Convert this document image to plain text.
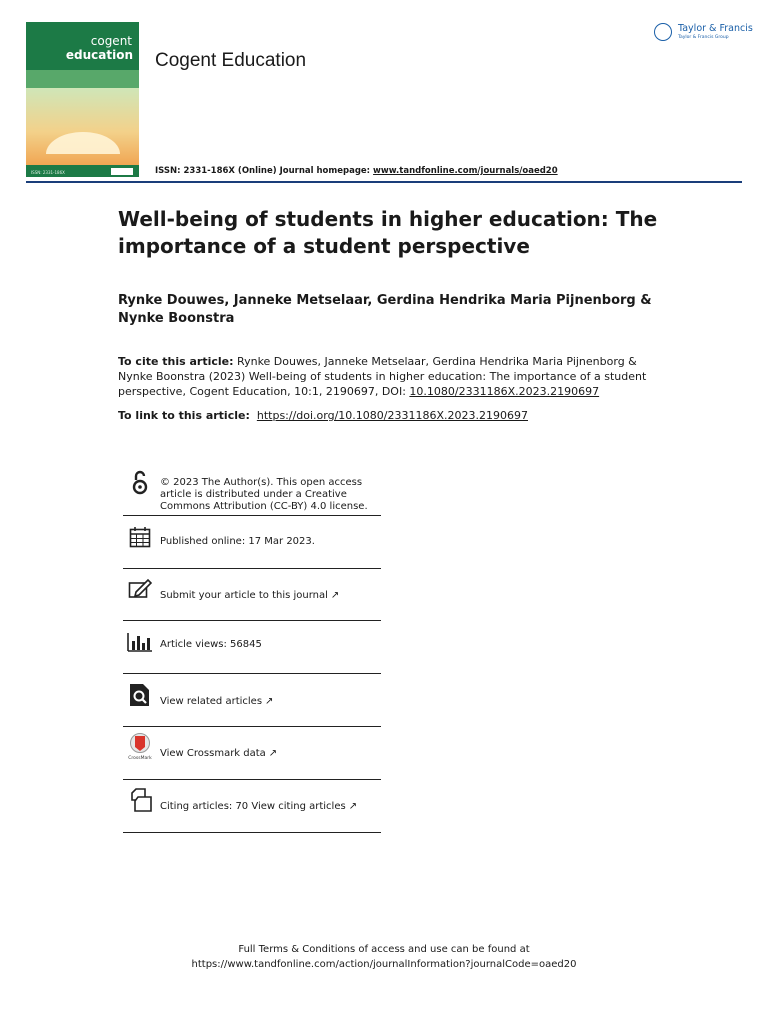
cogent
education
ISSN: 2331-186X
Cogent Education
Taylor & Francis
Taylor & Francis Group
ISSN: 2331-186X (Online) Journal homepage: www.tandfonline.com/journals/oaed20
Well-being of students in higher education: The importance of a student perspective

Rynke Douwes, Janneke Metselaar, Gerdina Hendrika Maria Pijnenborg & Nynke Boonstra

To cite this article: Rynke Douwes, Janneke Metselaar, Gerdina Hendrika Maria Pijnenborg & Nynke Boonstra (2023) Well-being of students in higher education: The importance of a student perspective, Cogent Education, 10:1, 2190697, DOI: 10.1080/2331186X.2023.2190697

To link to this article: https://doi.org/10.1080/2331186X.2023.2190697

© 2023 The Author(s). This open access article is distributed under a Creative Commons Attribution (CC-BY) 4.0 license.
Published online: 17 Mar 2023.
Submit your article to this journal ↗
Article views: 56845
View related articles ↗
CrossMark View Crossmark data ↗
Citing articles: 70 View citing articles ↗
Full Terms & Conditions of access and use can be found at
https://www.tandfonline.com/action/journalInformation?journalCode=oaed20
